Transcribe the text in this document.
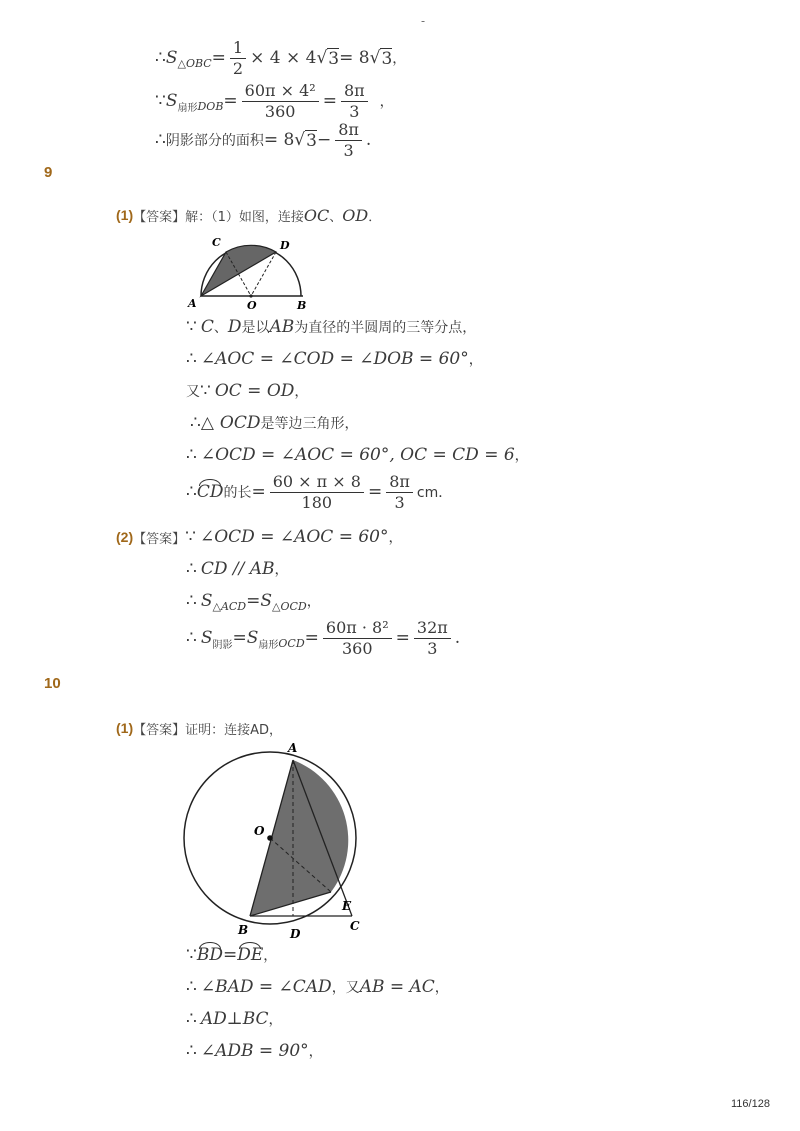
-
∴ S △OBC = $\frac{1}{2} \times 4 \times 4$ √ 3 = 8 √ 3 ，
∵ S 扇形 DOB = $\frac{\text{60π × 4²}}{360} = \frac{8\pi}{3}$ ，
∴ 阴影部分的面积 = 8 √ $3 - \frac{8\pi}{3}$ .
9
(1) 【答案】 解：（1）如图，连接 OC 、 OD ．
A	O	B
C	D
∵ C 、 D 是以 AB 为直径的半圆周的三等分点，
∴ ∠AOC = ∠COD = ∠DOB = 60° ，
又 ∵ OC = OD ，
∴△ OCD 是等边三角形，
∴ ∠OCD = ∠AOC = 60°, OC = CD = 6 ，
∴ CD 的长 = $\frac{60 \times \pi \times 8}{180} = \frac{8\pi}{3}$ cm．
(2) 【答案】 ∵ ∠OCD = ∠AOC = 60° ，
∴ CD // AB ，
∴ S △ACD = S △OCD ，
∴ S 阴影 = S 扇形 OCD = $\frac{\text{60π · 8²}}{360} = \frac{32\pi}{3}$ .
10
(1) 【答案】 证明：连接AD，
A
O
E
C
B	D
∵ BD = DE ，
∴ ∠BAD = ∠CAD ，又 AB = AC ，
∴ AD⊥BC ，
∴ ∠ADB = 90° ，
116/128
